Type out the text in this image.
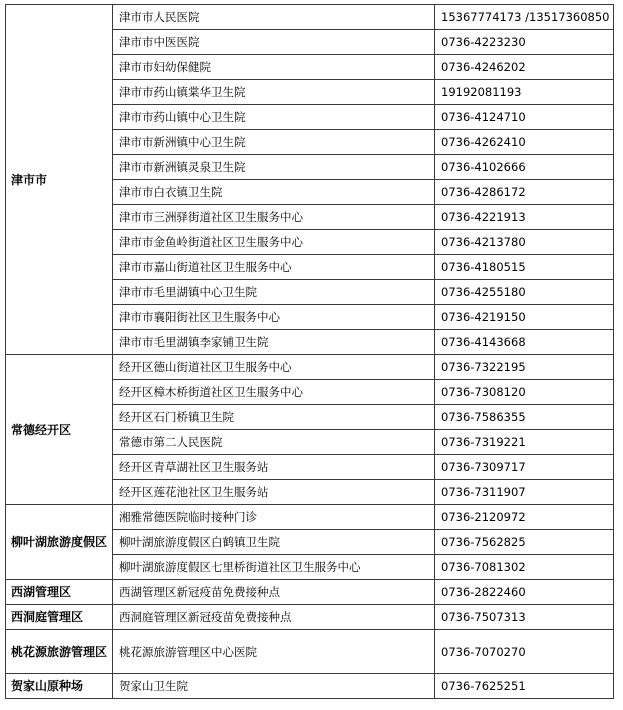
津市市	津市市人民医院	15367774173 /13517360850
	津市市中医医院	0736-4223230
	津市市妇幼保健院	0736-4246202
	津市市药山镇棠华卫生院	19192081193
	津市市药山镇中心卫生院	0736-4124710
	津市市新洲镇中心卫生院	0736-4262410
	津市市新洲镇灵泉卫生院	0736-4102666
	津市市白衣镇卫生院	0736-4286172
	津市市三洲驿街道社区卫生服务中心	0736-4221913
	津市市金鱼岭街道社区卫生服务中心	0736-4213780
	津市市嘉山街道社区卫生服务中心	0736-4180515
	津市市毛里湖镇中心卫生院	0736-4255180
	津市市襄阳街社区卫生服务中心	0736-4219150
	津市市毛里湖镇李家铺卫生院	0736-4143668
常德经开区	经开区德山街道社区卫生服务中心	0736-7322195
	经开区樟木桥街道社区卫生服务中心	0736-7308120
	经开区石门桥镇卫生院	0736-7586355
	常德市第二人民医院	0736-7319221
	经开区青草湖社区卫生服务站	0736-7309717
	经开区莲花池社区卫生服务站	0736-7311907
柳叶湖旅游度假区	湘雅常德医院临时接种门诊	0736-2120972
	柳叶湖旅游度假区白鹤镇卫生院	0736-7562825
	柳叶湖旅游度假区七里桥街道社区卫生服务中心	0736-7081302
西湖管理区	西湖管理区新冠疫苗免费接种点	0736-2822460
西洞庭管理区	西洞庭管理区新冠疫苗免费接种点	0736-7507313
桃花源旅游管理区	桃花源旅游管理区中心医院	0736-7070270
贺家山原种场	贺家山卫生院	0736-7625251
